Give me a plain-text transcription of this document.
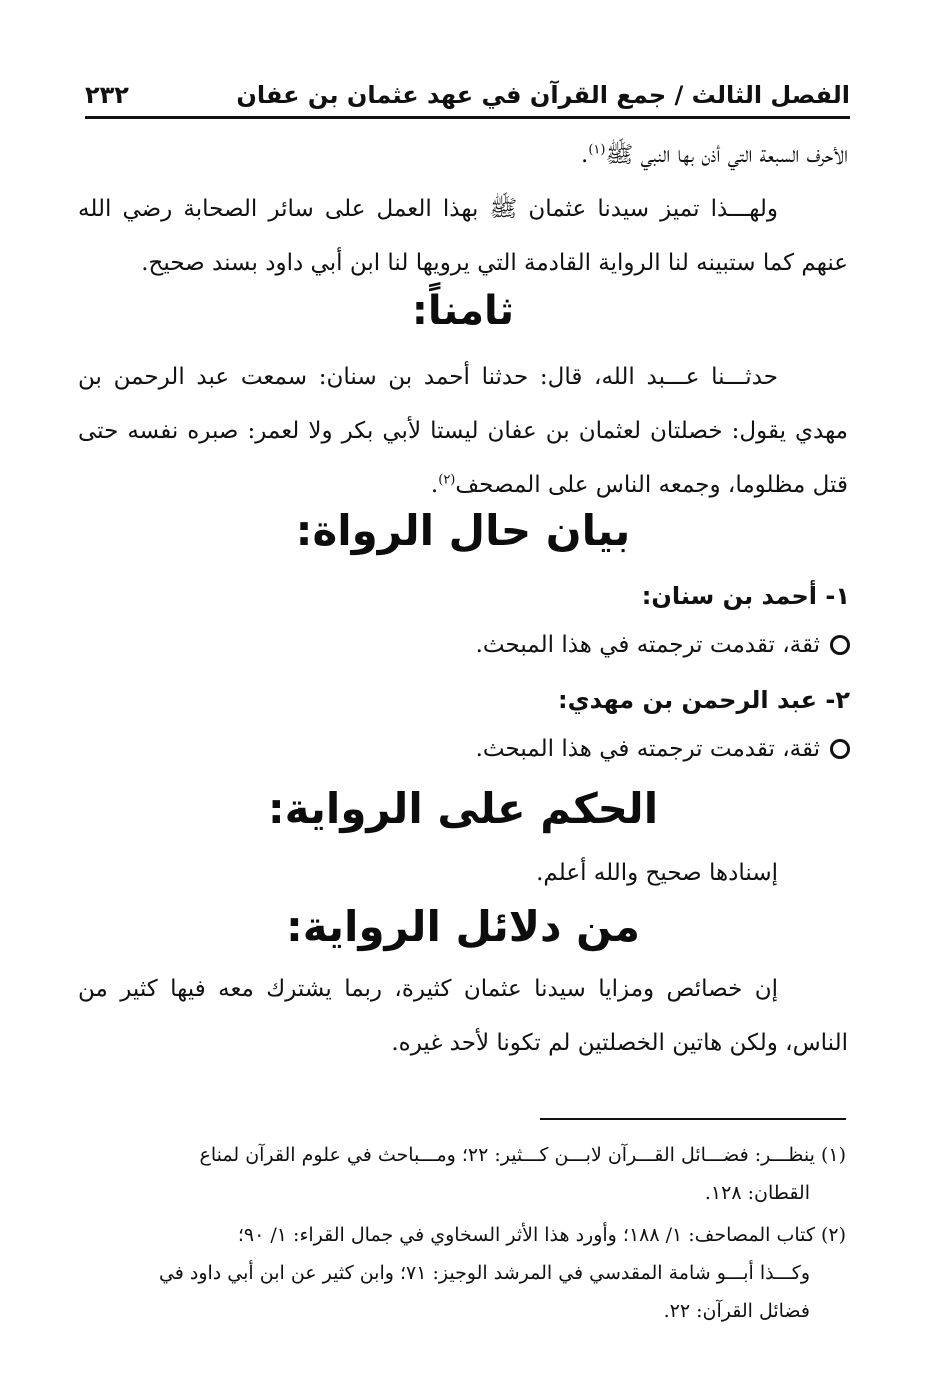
الفصل الثالث / جمع القرآن في عهد عثمان بن عفان
٢٣٢

الأحرف السبعة التي أذن بها النبي ﷺ$^{(١)}$.

ولهـــذا تميز سيدنا عثمان ﷺ بهذا العمل على سائر الصحابة رضي الله عنهم كما ستبينه لنا الرواية القادمة التي يرويها لنا ابن أبي داود بسند صحيح.

ثامناً:

حدثـــنا عـــبد الله، قال: حدثنا أحمد بن سنان: سمعت عبد الرحمن بن مهدي يقول: خصلتان لعثمان بن عفان ليستا لأبي بكر ولا لعمر: صبره نفسه حتى قتل مظلوما، وجمعه الناس على المصحف$^{(٢)}$.

بيان حال الرواة:

١- أحمد بن سنان:

ثقة، تقدمت ترجمته في هذا المبحث.

٢- عبد الرحمن بن مهدي:

ثقة، تقدمت ترجمته في هذا المبحث.

الحكم على الرواية:

إسنادها صحيح والله أعلم.

من دلائل الرواية:

إن خصائص ومزايا سيدنا عثمان كثيرة، ربما يشترك معه فيها كثير من الناس، ولكن هاتين الخصلتين لم تكونا لأحد غيره.

(١) ينظـــر: فضـــائل القـــرآن لابـــن كـــثير: ٢٢؛ ومـــباحث في علوم القرآن لمناع

القطان: ١٢٨.

(٢) كتاب المصاحف: ١/ ١٨٨؛ وأورد هذا الأثر السخاوي في جمال القراء: ١/ ٩٠؛

وكـــذا أبـــو شامة المقدسي في المرشد الوجيز: ٧١؛ وابن كثير عن ابن أبي داود في

فضائل القرآن: ٢٢.
